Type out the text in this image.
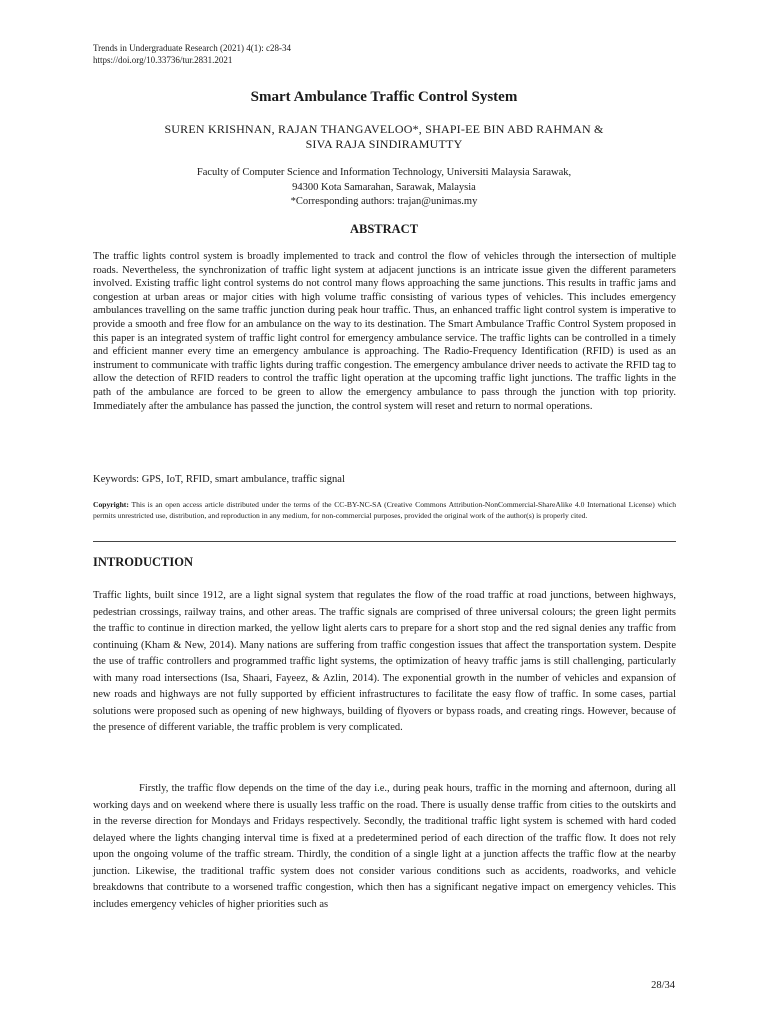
Trends in Undergraduate Research (2021) 4(1): c28-34
https://doi.org/10.33736/tur.2831.2021
Smart Ambulance Traffic Control System
SUREN KRISHNAN, RAJAN THANGAVELOO*, SHAPI-EE BIN ABD RAHMAN &
SIVA RAJA SINDIRAMUTTY
Faculty of Computer Science and Information Technology, Universiti Malaysia Sarawak,
94300 Kota Samarahan, Sarawak, Malaysia
*Corresponding authors: trajan@unimas.my
ABSTRACT
The traffic lights control system is broadly implemented to track and control the flow of vehicles through the intersection of multiple roads. Nevertheless, the synchronization of traffic light system at adjacent junctions is an intricate issue given the different parameters involved. Existing traffic light control systems do not control many flows approaching the same junctions. This results in traffic jams and congestion at urban areas or major cities with high volume traffic consisting of various types of vehicles. This includes emergency ambulances travelling on the same traffic junction during peak hour traffic. Thus, an enhanced traffic light control system is imperative to provide a smooth and free flow for an ambulance on the way to its destination. The Smart Ambulance Traffic Control System proposed in this paper is an integrated system of traffic light control for emergency ambulance service. The traffic lights can be controlled in a timely and efficient manner every time an emergency ambulance is approaching. The Radio-Frequency Identification (RFID) is used as an instrument to communicate with traffic lights during traffic congestion. The emergency ambulance driver needs to activate the RFID tag to allow the detection of RFID readers to control the traffic light operation at the upcoming traffic light junctions. The traffic lights in the path of the ambulance are forced to be green to allow the emergency ambulance to pass through the junction with top priority. Immediately after the ambulance has passed the junction, the control system will reset and return to normal operations.
Keywords: GPS, IoT, RFID, smart ambulance, traffic signal
Copyright: This is an open access article distributed under the terms of the CC-BY-NC-SA (Creative Commons Attribution-NonCommercial-ShareAlike 4.0 International License) which permits unrestricted use, distribution, and reproduction in any medium, for non-commercial purposes, provided the original work of the author(s) is properly cited.
INTRODUCTION
Traffic lights, built since 1912, are a light signal system that regulates the flow of the road traffic at road junctions, between highways, pedestrian crossings, railway trains, and other areas. The traffic signals are comprised of three universal colours; the green light permits the traffic to continue in direction marked, the yellow light alerts cars to prepare for a short stop and the red signal denies any traffic from continuing (Kham & New, 2014). Many nations are suffering from traffic congestion issues that affect the transportation system. Despite the use of traffic controllers and programmed traffic light systems, the optimization of heavy traffic jams is still challenging, particularly with many road intersections (Isa, Shaari, Fayeez, & Azlin, 2014). The exponential growth in the number of vehicles and expansion of new roads and highways are not fully supported by efficient infrastructures to facilitate the easy flow of traffic. In some cases, partial solutions were proposed such as opening of new highways, building of flyovers or bypass roads, and creating rings. However, because of the presence of different variable, the traffic problem is very complicated.
Firstly, the traffic flow depends on the time of the day i.e., during peak hours, traffic in the morning and afternoon, during all working days and on weekend where there is usually less traffic on the road. There is usually dense traffic from cities to the outskirts and in the reverse direction for Mondays and Fridays respectively. Secondly, the traditional traffic light system is schemed with hard coded delayed where the lights changing interval time is fixed at a predetermined period of each direction of the traffic flow. It does not rely upon the ongoing volume of the traffic stream. Thirdly, the condition of a single light at a junction affects the traffic flow at the nearby junction. Likewise, the traditional traffic system does not consider various conditions such as accidents, roadworks, and vehicle breakdowns that contribute to a worsened traffic congestion, which then has a significant negative impact on emergency vehicles. This includes emergency vehicles of higher priorities such as
28/34
